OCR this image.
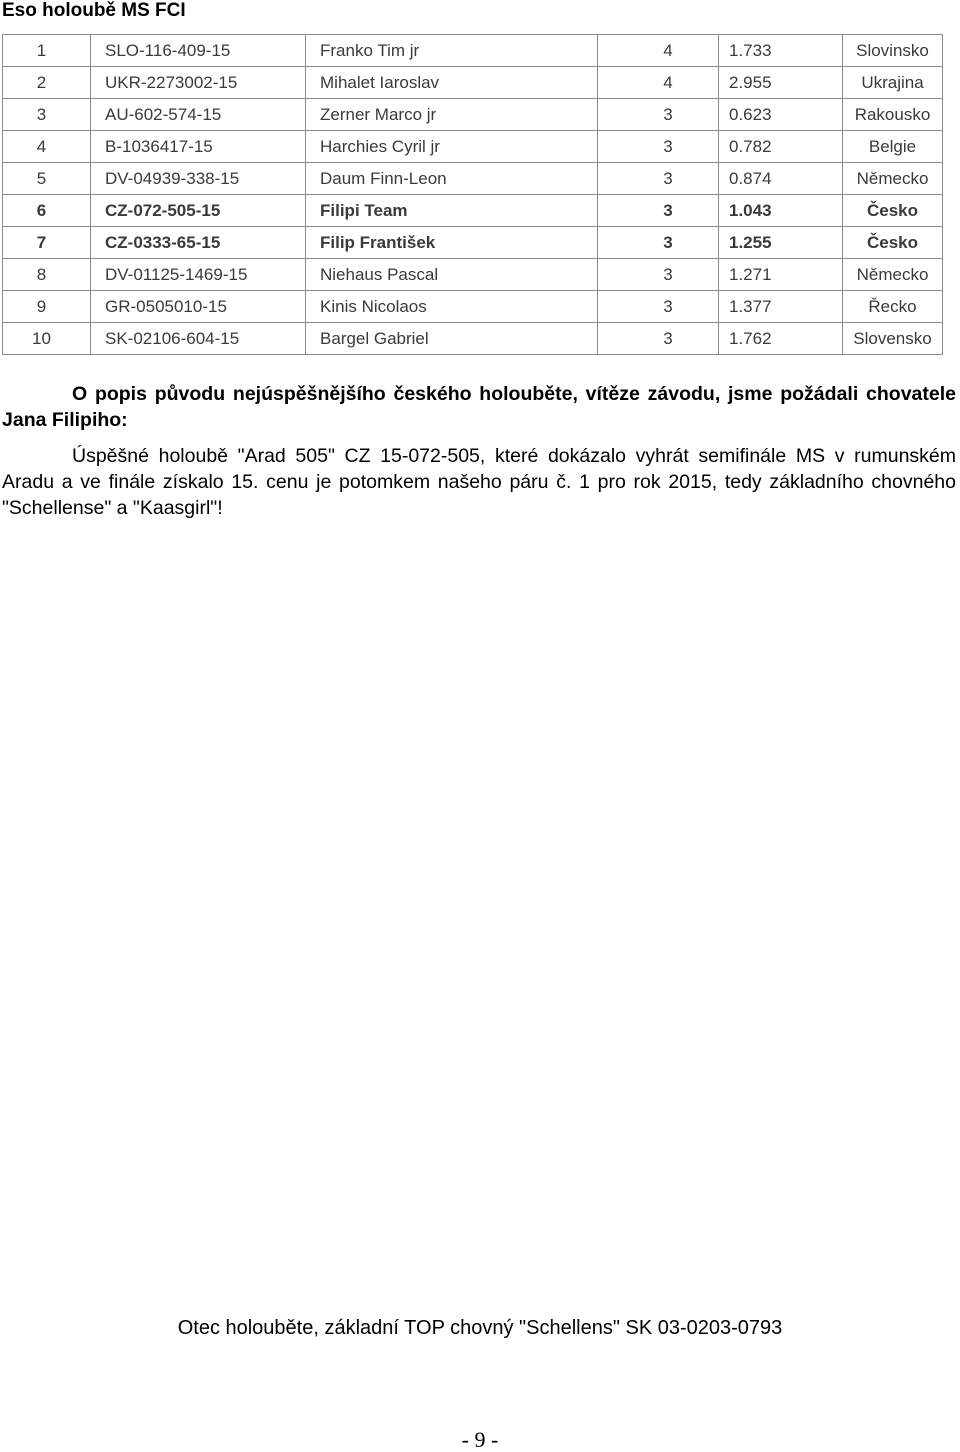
Eso holoubě MS FCI
1	SLO-116-409-15	Franko Tim jr	4	1.733	Slovinsko
2	UKR-2273002-15	Mihalet Iaroslav	4	2.955	Ukrajina
3	AU-602-574-15	Zerner Marco jr	3	0.623	Rakousko
4	B-1036417-15	Harchies Cyril jr	3	0.782	Belgie
5	DV-04939-338-15	Daum Finn-Leon	3	0.874	Německo
6	CZ-072-505-15	Filipi Team	3	1.043	Česko
7	CZ-0333-65-15	Filip František	3	1.255	Česko
8	DV-01125-1469-15	Niehaus Pascal	3	1.271	Německo
9	GR-0505010-15	Kinis Nicolaos	3	1.377	Řecko
10	SK-02106-604-15	Bargel Gabriel	3	1.762	Slovensko

O popis původu nejúspěšnějšího českého holouběte, vítěze závodu, jsme požádali chovatele Jana Filipiho:

Úspěšné holoubě "Arad 505" CZ 15-072-505, které dokázalo vyhrát semifinále MS v rumunském Aradu a ve finále získalo 15. cenu je potomkem našeho páru č. 1 pro rok 2015, tedy základního chovného "Schellense" a "Kaasgirl"!

Otec holouběte, základní TOP chovný "Schellens" SK 03-0203-0793

- 9 -
